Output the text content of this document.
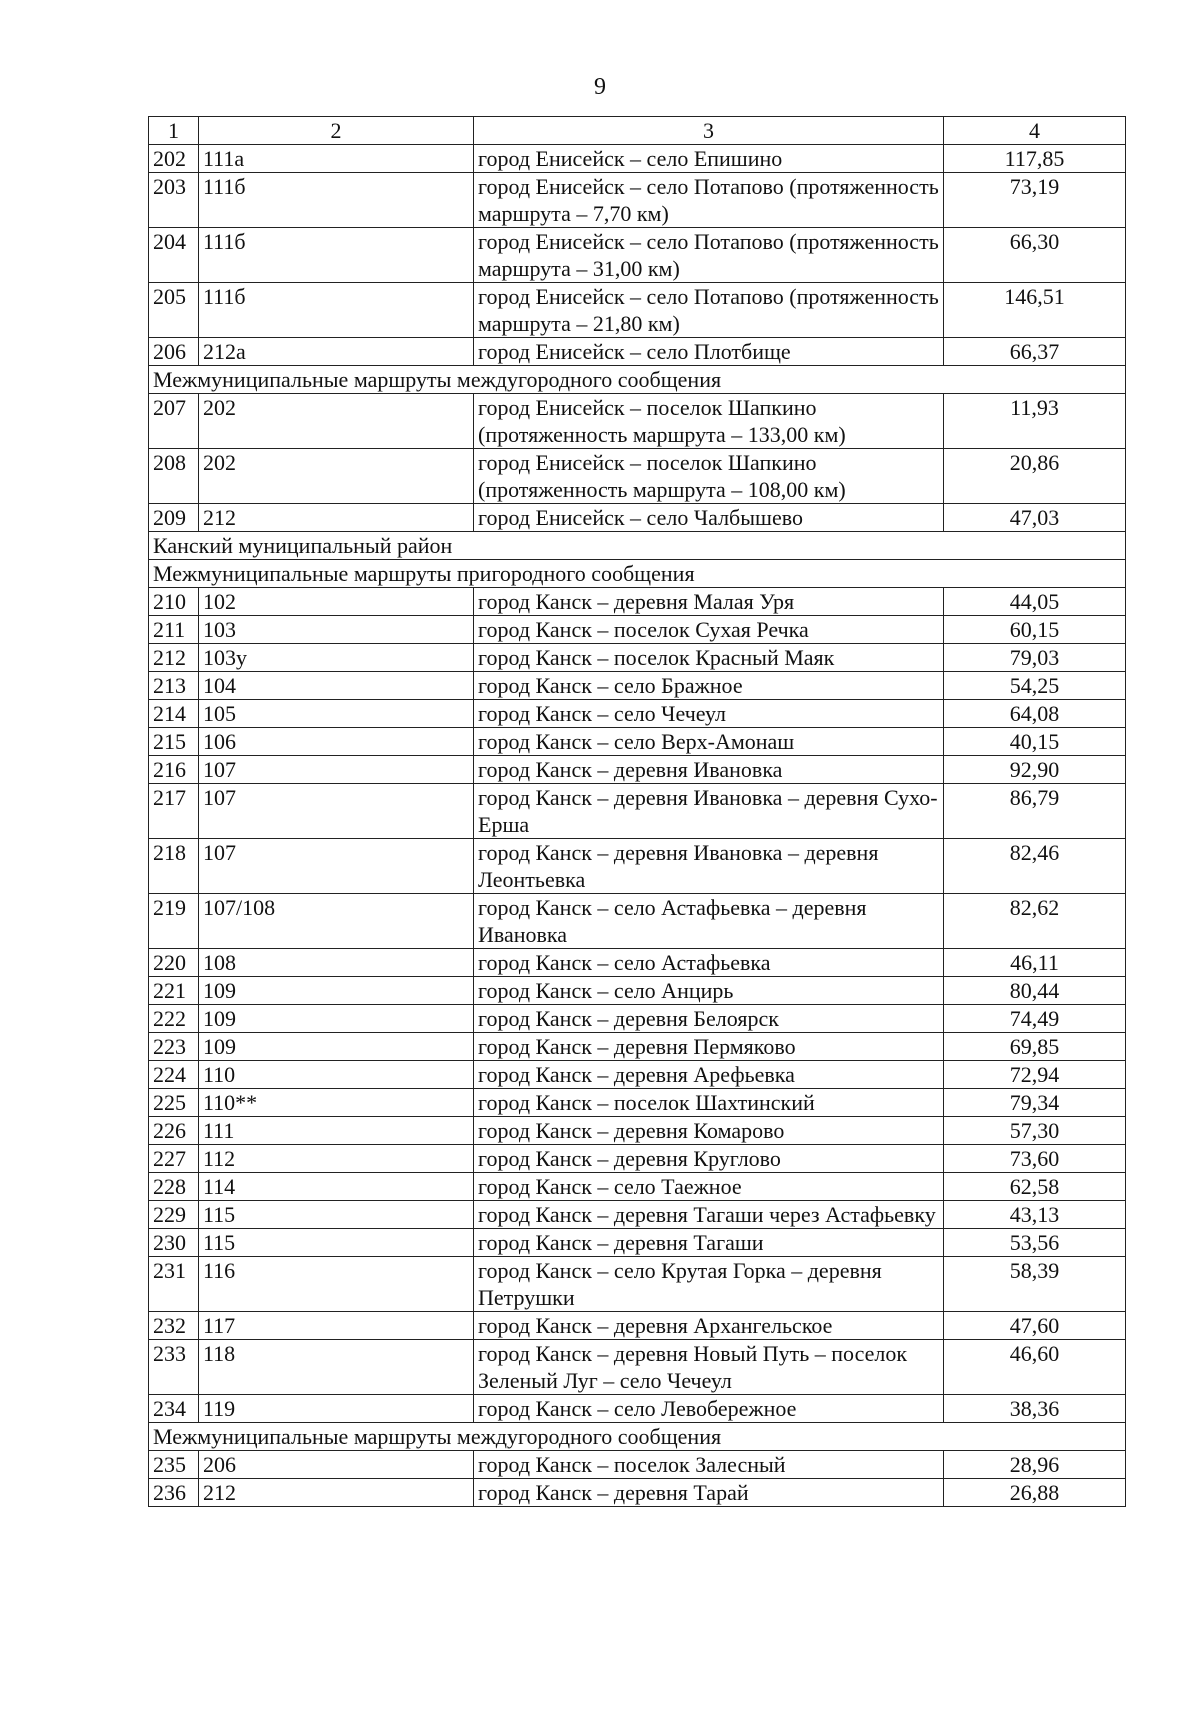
9
1	2	3	4
202	111а	город Енисейск – село Епишино	117,85
203	111б	город Енисейск – село Потапово (протяженность маршрута – 7,70 км)	73,19
204	111б	город Енисейск – село Потапово (протяженность маршрута – 31,00 км)	66,30
205	111б	город Енисейск – село Потапово (протяженность маршрута – 21,80 км)	146,51
206	212а	город Енисейск – село Плотбище	66,37
Межмуниципальные маршруты междугородного сообщения			
207	202	город Енисейск – поселок Шапкино (протяженность маршрута – 133,00 км)	11,93
208	202	город Енисейск – поселок Шапкино (протяженность маршрута – 108,00 км)	20,86
209	212	город Енисейск – село Чалбышево	47,03
Канский муниципальный район			
Межмуниципальные маршруты пригородного сообщения			
210	102	город Канск – деревня Малая Уря	44,05
211	103	город Канск – поселок Сухая Речка	60,15
212	103у	город Канск – поселок Красный Маяк	79,03
213	104	город Канск – село Бражное	54,25
214	105	город Канск – село Чечеул	64,08
215	106	город Канск – село Верх-Амонаш	40,15
216	107	город Канск – деревня Ивановка	92,90
217	107	город Канск – деревня Ивановка – деревня Сухо-Ерша	86,79
218	107	город Канск – деревня Ивановка – деревня Леонтьевка	82,46
219	107/108	город Канск – село Астафьевка – деревня Ивановка	82,62
220	108	город Канск – село Астафьевка	46,11
221	109	город Канск – село Анцирь	80,44
222	109	город Канск – деревня Белоярск	74,49
223	109	город Канск – деревня Пермяково	69,85
224	110	город Канск – деревня Арефьевка	72,94
225	110**	город Канск – поселок Шахтинский	79,34
226	111	город Канск – деревня Комарово	57,30
227	112	город Канск – деревня Круглово	73,60
228	114	город Канск – село Таежное	62,58
229	115	город Канск – деревня Тагаши через Астафьевку	43,13
230	115	город Канск – деревня Тагаши	53,56
231	116	город Канск – село Крутая Горка – деревня Петрушки	58,39
232	117	город Канск – деревня Архангельское	47,60
233	118	город Канск – деревня Новый Путь – поселок Зеленый Луг – село Чечеул	46,60
234	119	город Канск – село Левобережное	38,36
Межмуниципальные маршруты междугородного сообщения			
235	206	город Канск – поселок Залесный	28,96
236	212	город Канск – деревня Тарай	26,88
